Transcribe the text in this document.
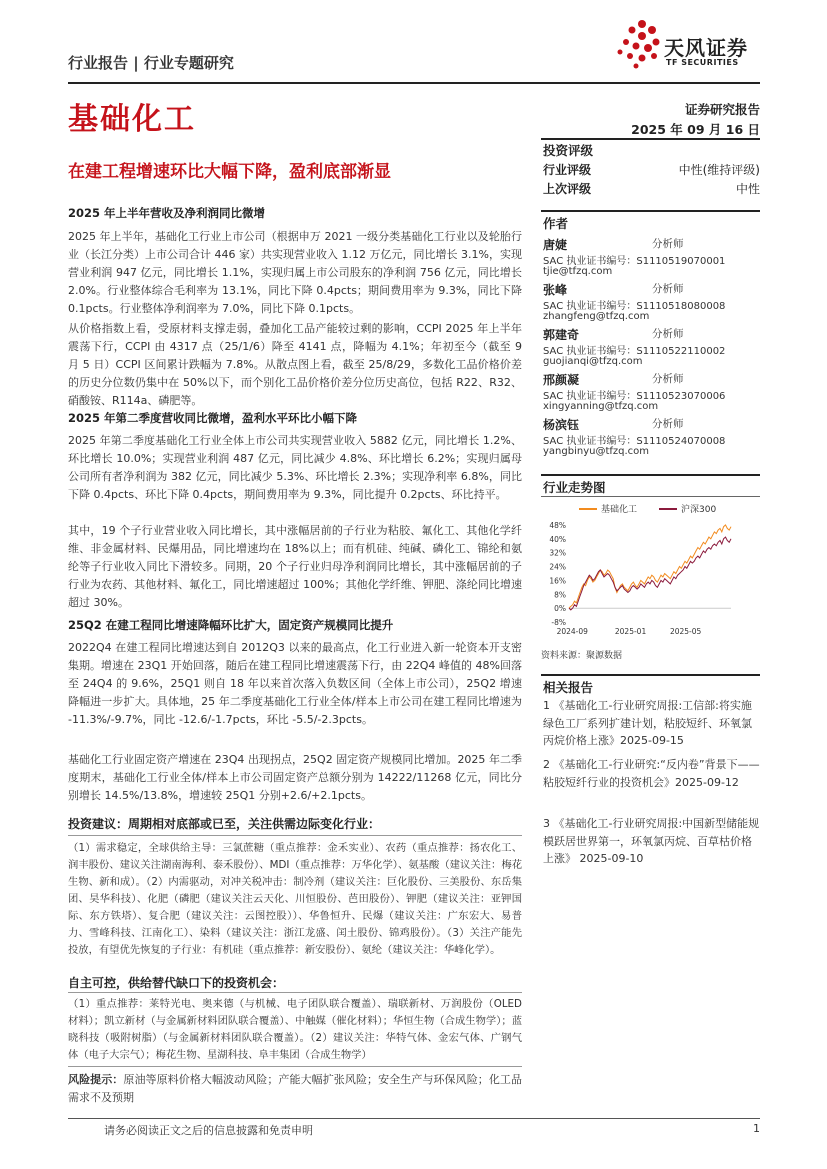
行业报告 | 行业专题研究
基础化工
在建工程增速环比大幅下降，盈利底部渐显
天风证券
TF SECURITIES
证券研究报告
2025 年 09 月 16 日
投资评级
行业评级	中性(维持评级)
上次评级	中性
作者
唐婕	分析师
SAC 执业证书编号：S1110519070001
tjie@tfzq.com
张峰	分析师
SAC 执业证书编号：S1110518080008
zhangfeng@tfzq.com
郭建奇	分析师
SAC 执业证书编号：S1110522110002
guojianqi@tfzq.com
邢颜凝	分析师
SAC 执业证书编号：S1110523070006
xingyanning@tfzq.com
杨滨钰	分析师
SAC 执业证书编号：S1110524070008
yangbinyu@tfzq.com
行业走势图
基础化工	沪深300
-8%
0%
8%
16%
24%
32%
40%
48%
2024-09	2025-01	2025-05
资料来源：聚源数据
相关报告
1 《基础化工-行业研究周报:工信部:将实施绿色工厂系列扩建计划，粘胶短纤、环氧氯丙烷价格上涨》2025-09-15
2 《基础化工-行业研究:“反内卷”背景下——粘胶短纤行业的投资机会》2025-09-12
3 《基础化工-行业研究周报:中国新型储能规模跃居世界第一，环氧氯丙烷、百草枯价格上涨》 2025-09-10
2025 年上半年营收及净利润同比微增
2025 年上半年，基础化工行业上市公司（根据申万 2021 一级分类基础化工行业以及轮胎行业（长江分类）上市公司合计 446 家）共实现营业收入 1.12 万亿元，同比增长 3.1%，实现营业利润 947 亿元，同比增长 1.1%，实现归属上市公司股东的净利润 756 亿元，同比增长 2.0%。行业整体综合毛利率为 13.1%，同比下降 0.4pcts；期间费用率为 9.3%，同比下降 0.1pcts。行业整体净利润率为 7.0%，同比下降 0.1pcts。
从价格指数上看，受原材料支撑走弱，叠加化工品产能较过剩的影响，CCPI 2025 年上半年震荡下行，CCPI 由 4317 点（25/1/6）降至 4141 点，降幅为 4.1%；年初至今（截至 9 月 5 日）CCPI 区间累计跌幅为 7.8%。从散点图上看，截至 25/8/29，多数化工品价格价差的历史分位数仍集中在 50%以下，而个别化工品价格价差分位历史高位，包括 R22、R32、硝酸铵、R114a、磷肥等。
2025 年第二季度营收同比微增，盈利水平环比小幅下降
2025 年第二季度基础化工行业全体上市公司共实现营业收入 5882 亿元，同比增长 1.2%、环比增长 10.0%；实现营业利润 487 亿元，同比减少 4.8%、环比增长 6.2%；实现归属母公司所有者净利润为 382 亿元，同比减少 5.3%、环比增长 2.3%；实现净利率 6.8%，同比下降 0.4pcts、环比下降 0.4pcts，期间费用率为 9.3%，同比提升 0.2pcts、环比持平。
其中，19 个子行业营业收入同比增长，其中涨幅居前的子行业为粘胶、氟化工、其他化学纤维、非金属材料、民爆用品，同比增速均在 18%以上；而有机硅、纯碱、磷化工、锦纶和氨纶等子行业收入同比下滑较多。同期，20 个子行业归母净利润同比增长，其中涨幅居前的子行业为农药、其他材料、氟化工，同比增速超过 100%；其他化学纤维、钾肥、涤纶同比增速超过 30%。
25Q2 在建工程同比增速降幅环比扩大，固定资产规模同比提升
2022Q4 在建工程同比增速达到自 2012Q3 以来的最高点，化工行业进入新一轮资本开支密集期。增速在 23Q1 开始回落，随后在建工程同比增速震荡下行，由 22Q4 峰值的 48%回落至 24Q4 的 9.6%，25Q1 则自 18 年以来首次落入负数区间（全体上市公司），25Q2 增速降幅进一步扩大。具体地，25 年二季度基础化工行业全体/样本上市公司在建工程同比增速为 -11.3%/-9.7%，同比 -12.6/-1.7pcts，环比 -5.5/-2.3pcts。
基础化工行业固定资产增速在 23Q4 出现拐点，25Q2 固定资产规模同比增加。2025 年二季度期末，基础化工行业全体/样本上市公司固定资产总额分别为 14222/11268 亿元，同比分别增长 14.5%/13.8%，增速较 25Q1 分别+2.6/+2.1pcts。
投资建议：周期相对底部或已至，关注供需边际变化行业：
（1）需求稳定，全球供给主导：三氯蔗糖（重点推荐：金禾实业）、农药（重点推荐：扬农化工、润丰股份、建议关注湖南海利、泰禾股份）、MDI（重点推荐：万华化学）、氨基酸（建议关注：梅花生物、新和成）。（2）内需驱动，对冲关税冲击：制冷剂（建议关注：巨化股份、三美股份、东岳集团、昊华科技）、化肥（磷肥（建议关注云天化、川恒股份、芭田股份）、钾肥（建议关注：亚钾国际、东方铁塔）、复合肥（建议关注：云图控股））、华鲁恒升、民爆（建议关注：广东宏大、易普力、雪峰科技、江南化工）、染料（建议关注：浙江龙盛、闰土股份、锦鸡股份）。（3）关注产能先投放，有望优先恢复的子行业：有机硅（重点推荐：新安股份）、氨纶（建议关注：华峰化学）。
自主可控，供给替代缺口下的投资机会：
（1）重点推荐：莱特光电、奥来德（与机械、电子团队联合覆盖）、瑞联新材、万润股份（OLED 材料）；凯立新材（与金属新材料团队联合覆盖）、中触媒（催化材料）；华恒生物（合成生物学）；蓝晓科技（吸附树脂）（与金属新材料团队联合覆盖）。（2）建议关注：华特气体、金宏气体、广钢气体（电子大宗气）；梅花生物、星湖科技、阜丰集团（合成生物学）
风险提示：原油等原料价格大幅波动风险；产能大幅扩张风险；安全生产与环保风险；化工品需求不及预期
请务必阅读正文之后的信息披露和免责申明	1
